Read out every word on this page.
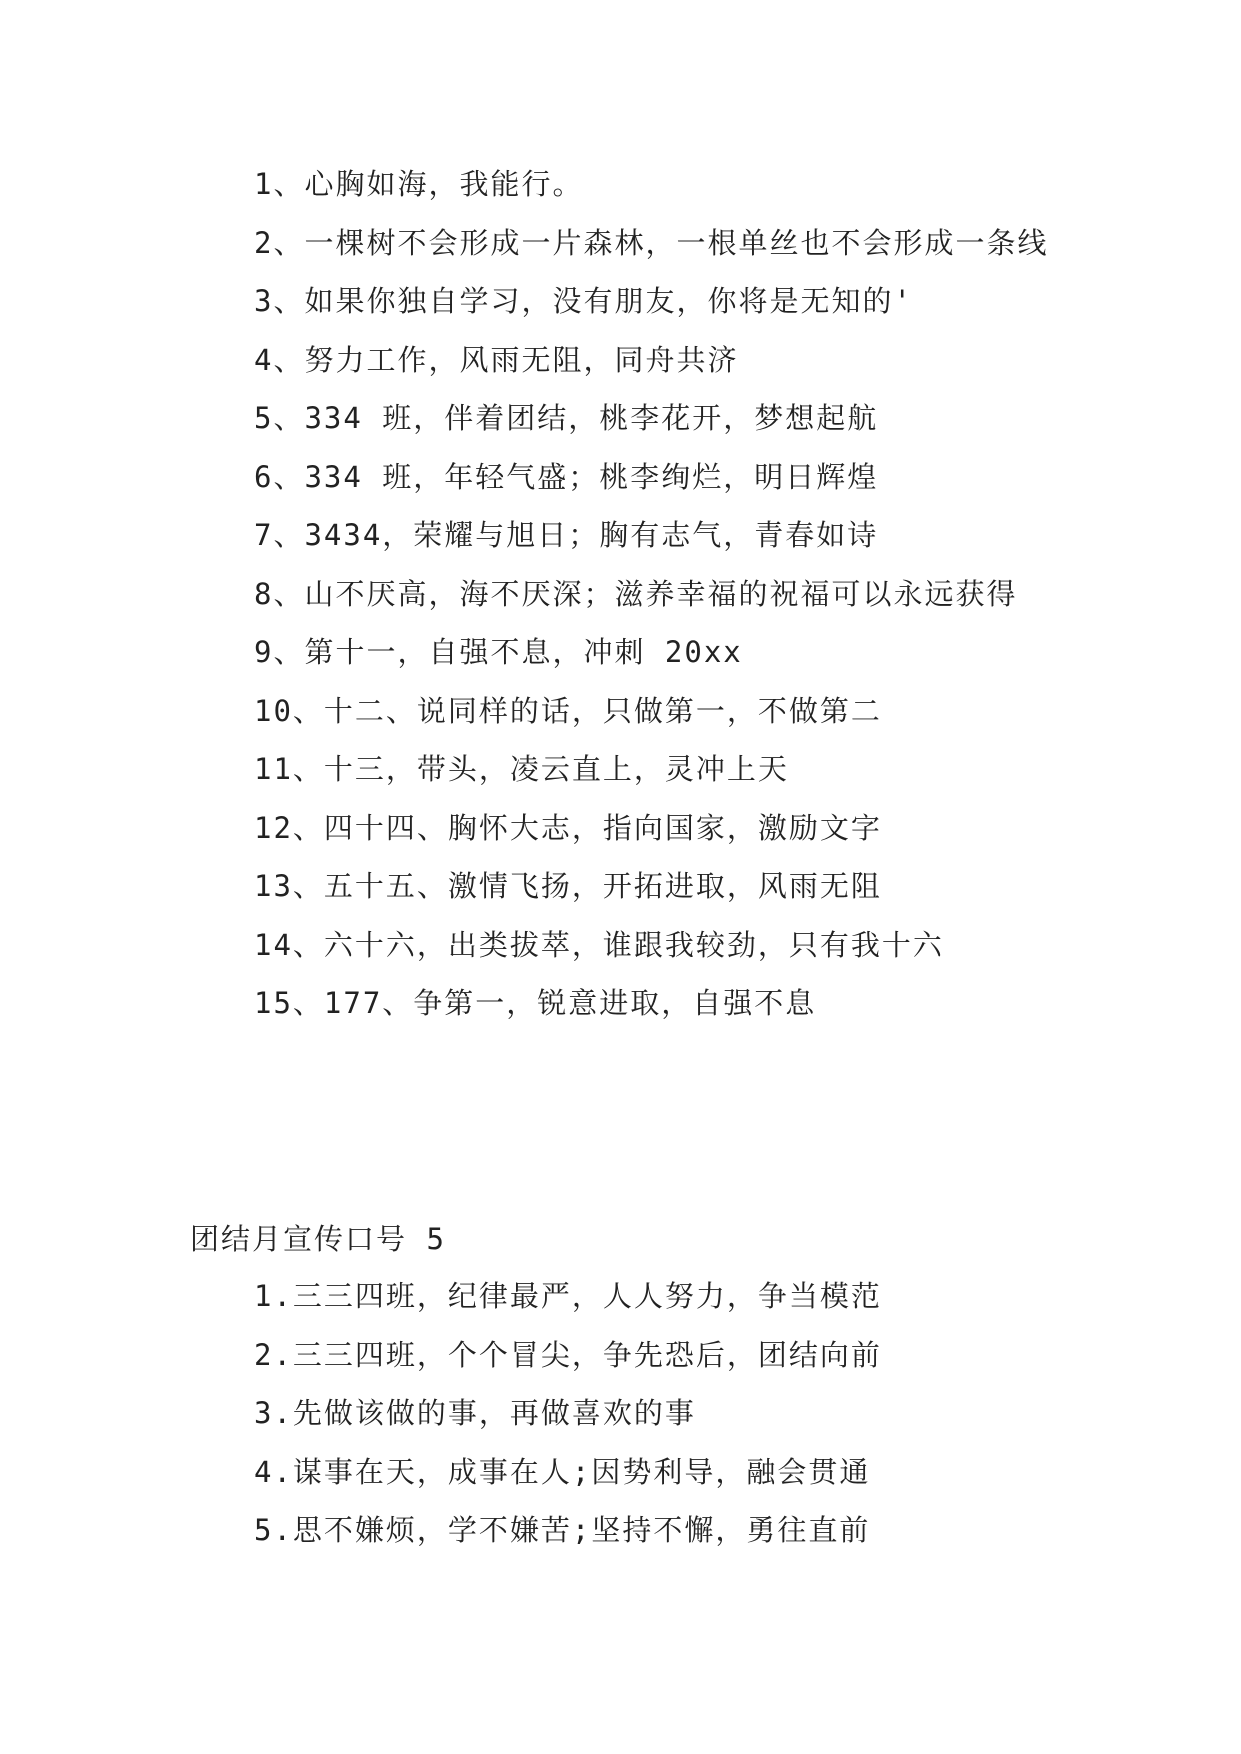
1、心胸如海，我能行。
2、一棵树不会形成一片森林，一根单丝也不会形成一条线
3、如果你独自学习，没有朋友，你将是无知的'
4、努力工作，风雨无阻，同舟共济
5、334 班，伴着团结，桃李花开，梦想起航
6、334 班，年轻气盛；桃李绚烂，明日辉煌
7、3434，荣耀与旭日；胸有志气，青春如诗
8、山不厌高，海不厌深；滋养幸福的祝福可以永远获得
9、第十一，自强不息，冲刺 20xx
10、十二、说同样的话，只做第一，不做第二
11、十三，带头，凌云直上，灵冲上天
12、四十四、胸怀大志，指向国家，激励文字
13、五十五、激情飞扬，开拓进取，风雨无阻
14、六十六，出类拔萃，谁跟我较劲，只有我十六
15、177、争第一，锐意进取，自强不息
团结月宣传口号 5
1.三三四班，纪律最严，人人努力，争当模范
2.三三四班，个个冒尖，争先恐后，团结向前
3.先做该做的事，再做喜欢的事
4.谋事在天，成事在人;因势利导，融会贯通
5.思不嫌烦，学不嫌苦;坚持不懈，勇往直前
